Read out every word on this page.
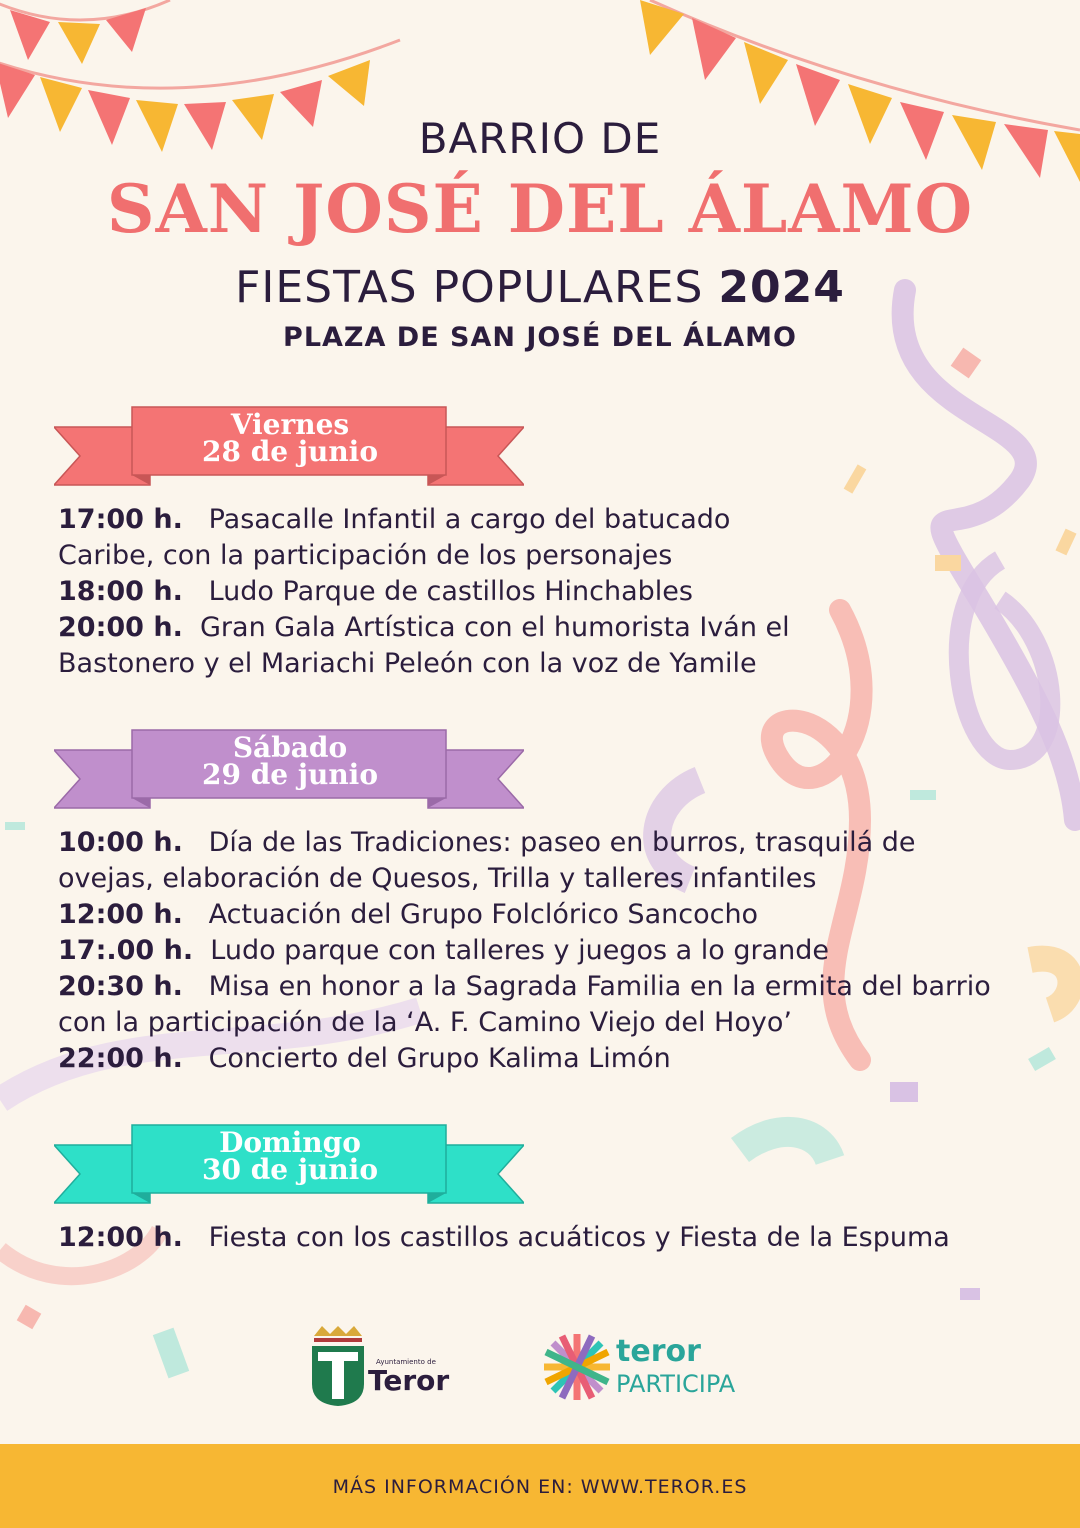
BARRIO DE
SAN JOSÉ DEL ÁLAMO
FIESTAS POPULARES 2024
PLAZA DE SAN JOSÉ DEL ÁLAMO
Viernes
28 de junio
17:00 h. Pasacalle Infantil a cargo del batucado
Caribe, con la participación de los personajes
18:00 h. Ludo Parque de castillos Hinchables
20:00 h. Gran Gala Artística con el humorista Iván el
Bastonero y el Mariachi Peleón con la voz de Yamile
Sábado
29 de junio
10:00 h. Día de las Tradiciones: paseo en burros, trasquilá de
ovejas, elaboración de Quesos, Trilla y talleres infantiles
12:00 h. Actuación del Grupo Folclórico Sancocho
17:.00 h. Ludo parque con talleres y juegos a lo grande
20:30 h. Misa en honor a la Sagrada Familia en la ermita del barrio
con la participación de la ‘A. F. Camino Viejo del Hoyo’
22:00 h. Concierto del Grupo Kalima Limón
Domingo
30 de junio
12:00 h. Fiesta con los castillos acuáticos y Fiesta de la Espuma
Ayuntamiento de
Teror
teror
PARTICIPA
MÁS INFORMACIÓN EN: WWW.TEROR.ES
